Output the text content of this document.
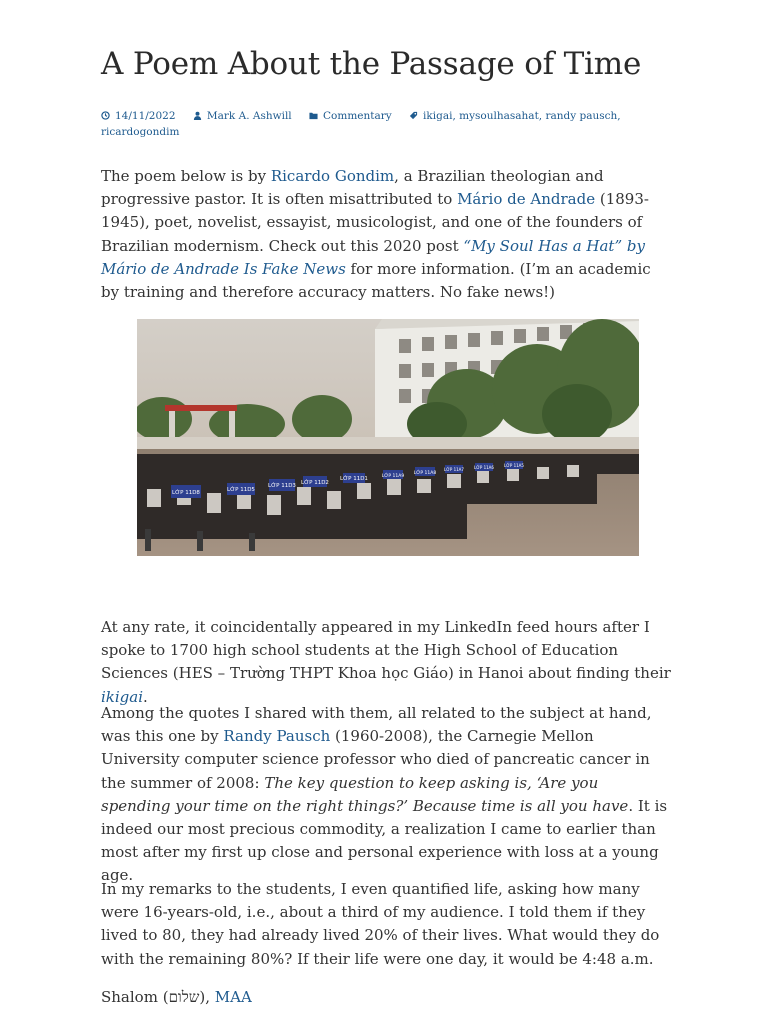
A Poem About the Passage of Time
14/11/2022	Mark A. Ashwill	Commentary	ikigai, mysoulhasahat, randy pausch, ricardogondim

The poem below is by Ricardo Gondim, a Brazilian theologian and progressive pastor. It is often misattributed to Mário de Andrade (1893-1945), poet, novelist, essayist, musicologist, and one of the founders of Brazilian modernism. Check out this 2020 post “My Soul Has a Hat” by Mário de Andrade Is Fake News for more information. (I’m an academic by training and therefore accuracy matters. No fake news!)

At any rate, it coincidentally appeared in my LinkedIn feed hours after I spoke to 1700 high school students at the High School of Education Sciences (HES – Trường THPT Khoa học Giáo) in Hanoi about finding their ikigai.

Among the quotes I shared with them, all related to the subject at hand, was this one by Randy Pausch (1960-2008), the Carnegie Mellon University computer science professor who died of pancreatic cancer in the summer of 2008: The key question to keep asking is, ‘Are you spending your time on the right things?’ Because time is all you have. It is indeed our most precious commodity, a realization I came to earlier than most after my first up close and personal experience with loss at a young age.

In my remarks to the students, I even quantified life, asking how many were 16-years-old, i.e., about a third of my audience. I told them if they lived to 80, they had already lived 20% of their lives. What would they do with the remaining 80%? If their life were one day, it would be 4:48 a.m.

Shalom (שלום), MAA

LỚP 11D8	LỚP 11D5
LỚP 11D3 LỚP 11D2
LỚP 11D1	LỚP 11A9
LỚP 11A8
LỚP 11A7	LỚP 11A6	LỚP 11A5
